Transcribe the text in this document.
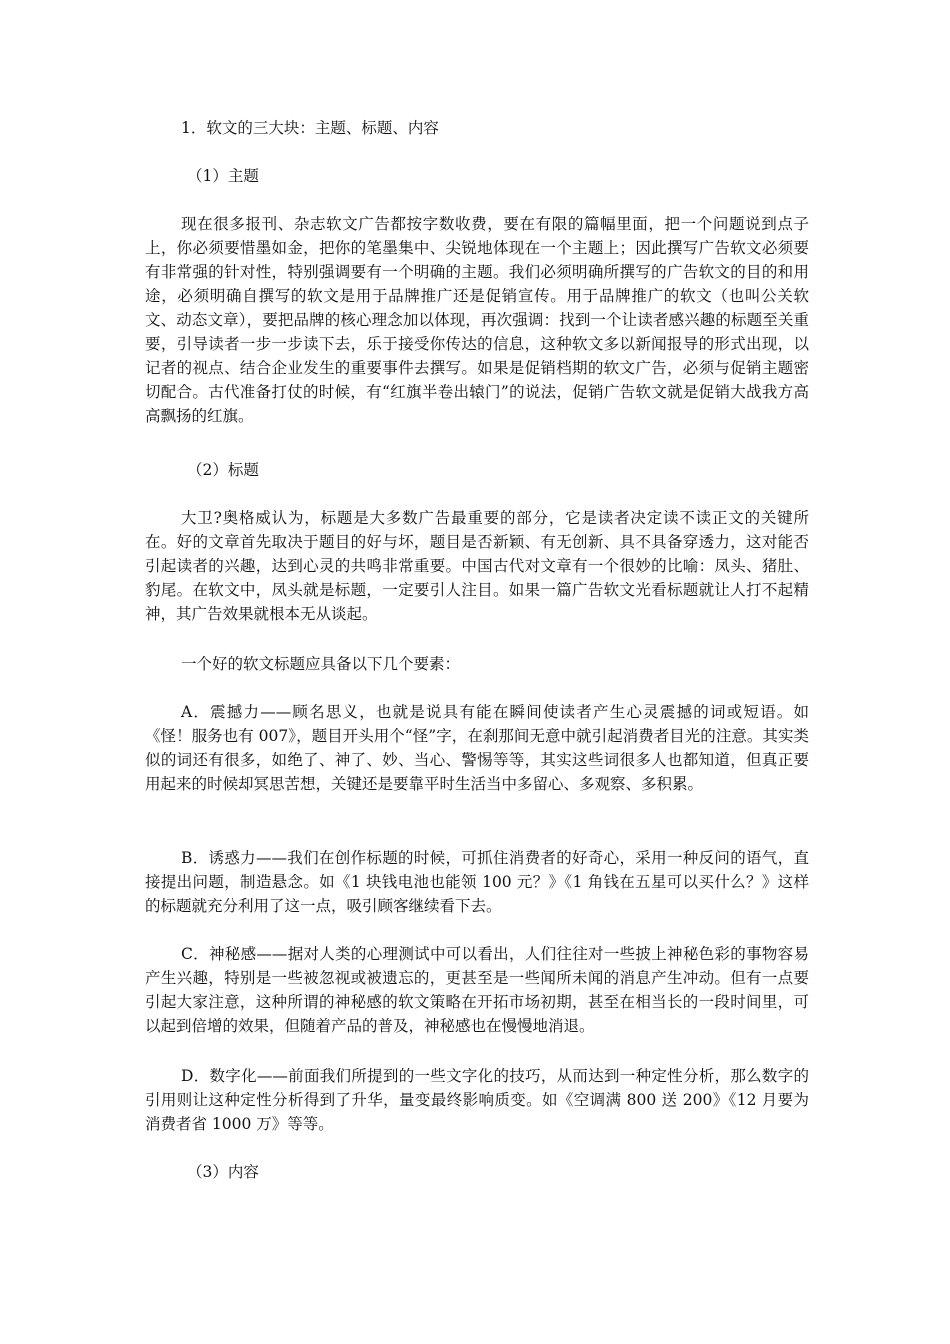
1．软文的三大块：主题、标题、内容
（1）主题
现在很多报刊、杂志软文广告都按字数收费，要在有限的篇幅里面，把一个问题说到点子上，你必须要惜墨如金，把你的笔墨集中、尖锐地体现在一个主题上；因此撰写广告软文必须要有非常强的针对性，特别强调要有一个明确的主题。我们必须明确所撰写的广告软文的目的和用途，必须明确自撰写的软文是用于品牌推广还是促销宣传。用于品牌推广的软文（也叫公关软文、动态文章），要把品牌的核心理念加以体现，再次强调：找到一个让读者感兴趣的标题至关重要，引导读者一步一步读下去，乐于接受你传达的信息，这种软文多以新闻报导的形式出现，以记者的视点、结合企业发生的重要事件去撰写。如果是促销档期的软文广告，必须与促销主题密切配合。古代准备打仗的时候，有“红旗半卷出辕门”的说法，促销广告软文就是促销大战我方高高飘扬的红旗。
（2）标题
大卫?奥格威认为，标题是大多数广告最重要的部分，它是读者决定读不读正文的关键所在。好的文章首先取决于题目的好与坏，题目是否新颖、有无创新、具不具备穿透力，这对能否引起读者的兴趣，达到心灵的共鸣非常重要。中国古代对文章有一个很妙的比喻：凤头、猪肚、豹尾。在软文中，凤头就是标题，一定要引人注目。如果一篇广告软文光看标题就让人打不起精神，其广告效果就根本无从谈起。
一个好的软文标题应具备以下几个要素：
A．震撼力——顾名思义，也就是说具有能在瞬间使读者产生心灵震撼的词或短语。如《怪！服务也有 007》，题目开头用个“怪”字，在刹那间无意中就引起消费者目光的注意。其实类似的词还有很多，如绝了、神了、妙、当心、警惕等等，其实这些词很多人也都知道，但真正要用起来的时候却冥思苦想，关键还是要靠平时生活当中多留心、多观察、多积累。
B．诱惑力——我们在创作标题的时候，可抓住消费者的好奇心，采用一种反问的语气，直接提出问题，制造悬念。如《1 块钱电池也能领 100 元？》《1 角钱在五星可以买什么？》这样的标题就充分利用了这一点，吸引顾客继续看下去。
C．神秘感——据对人类的心理测试中可以看出，人们往往对一些披上神秘色彩的事物容易产生兴趣，特别是一些被忽视或被遗忘的，更甚至是一些闻所未闻的消息产生冲动。但有一点要引起大家注意，这种所谓的神秘感的软文策略在开拓市场初期，甚至在相当长的一段时间里，可以起到倍增的效果，但随着产品的普及，神秘感也在慢慢地消退。
D．数字化——前面我们所提到的一些文字化的技巧，从而达到一种定性分析，那么数字的引用则让这种定性分析得到了升华，量变最终影响质变。如《空调满 800 送 200》《12 月要为消费者省 1000 万》等等。
（3）内容
